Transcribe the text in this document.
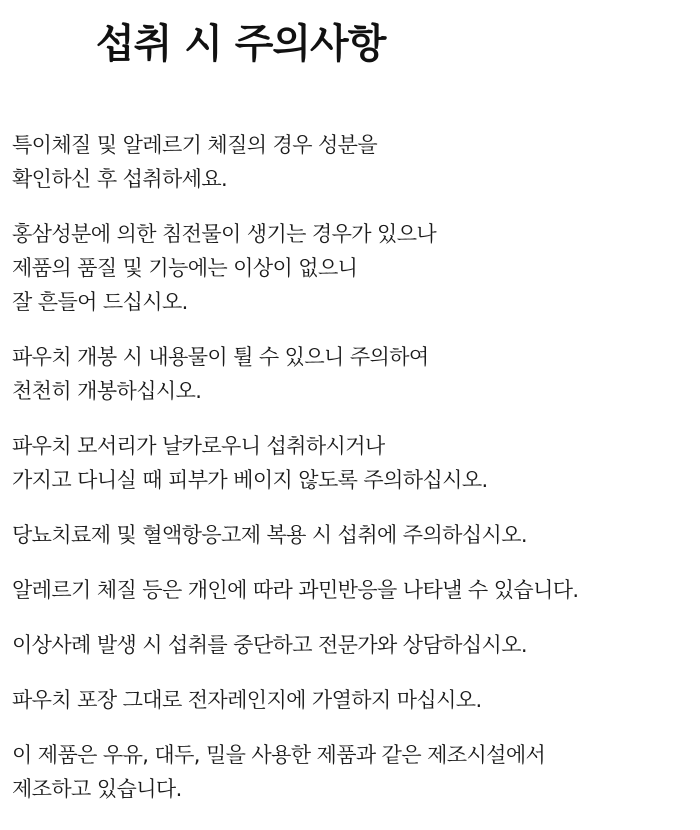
섭취 시 주의사항
특이체질 및 알레르기 체질의 경우 성분을
확인하신 후 섭취하세요.
홍삼성분에 의한 침전물이 생기는 경우가 있으나
제품의 품질 및 기능에는 이상이 없으니
잘 흔들어 드십시오.
파우치 개봉 시 내용물이 튈 수 있으니 주의하여
천천히 개봉하십시오.
파우치 모서리가 날카로우니 섭취하시거나
가지고 다니실 때 피부가 베이지 않도록 주의하십시오.
당뇨치료제 및 혈액항응고제 복용 시 섭취에 주의하십시오.
알레르기 체질 등은 개인에 따라 과민반응을 나타낼 수 있습니다.
이상사례 발생 시 섭취를 중단하고 전문가와 상담하십시오.
파우치 포장 그대로 전자레인지에 가열하지 마십시오.
이 제품은 우유, 대두, 밀을 사용한 제품과 같은 제조시설에서
제조하고 있습니다.
